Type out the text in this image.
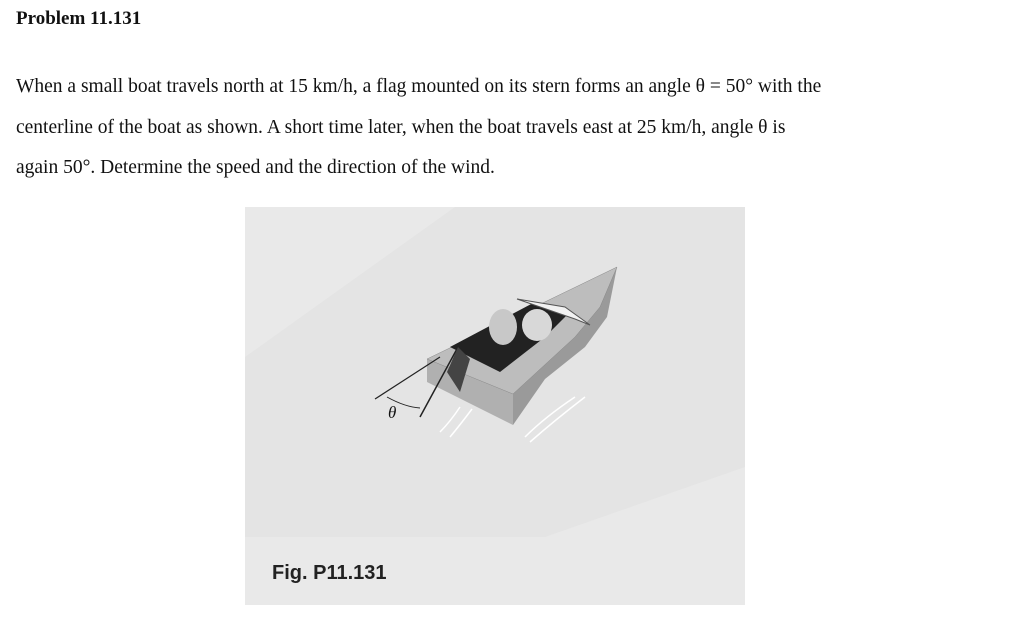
Problem 11.131
When a small boat travels north at 15 km/h, a flag mounted on its stern forms an angle θ = 50° with the
centerline of the boat as shown. A short time later, when the boat travels east at 25 km/h, angle θ is
again 50°. Determine the speed and the direction of the wind.
θ
Fig. P11.131
